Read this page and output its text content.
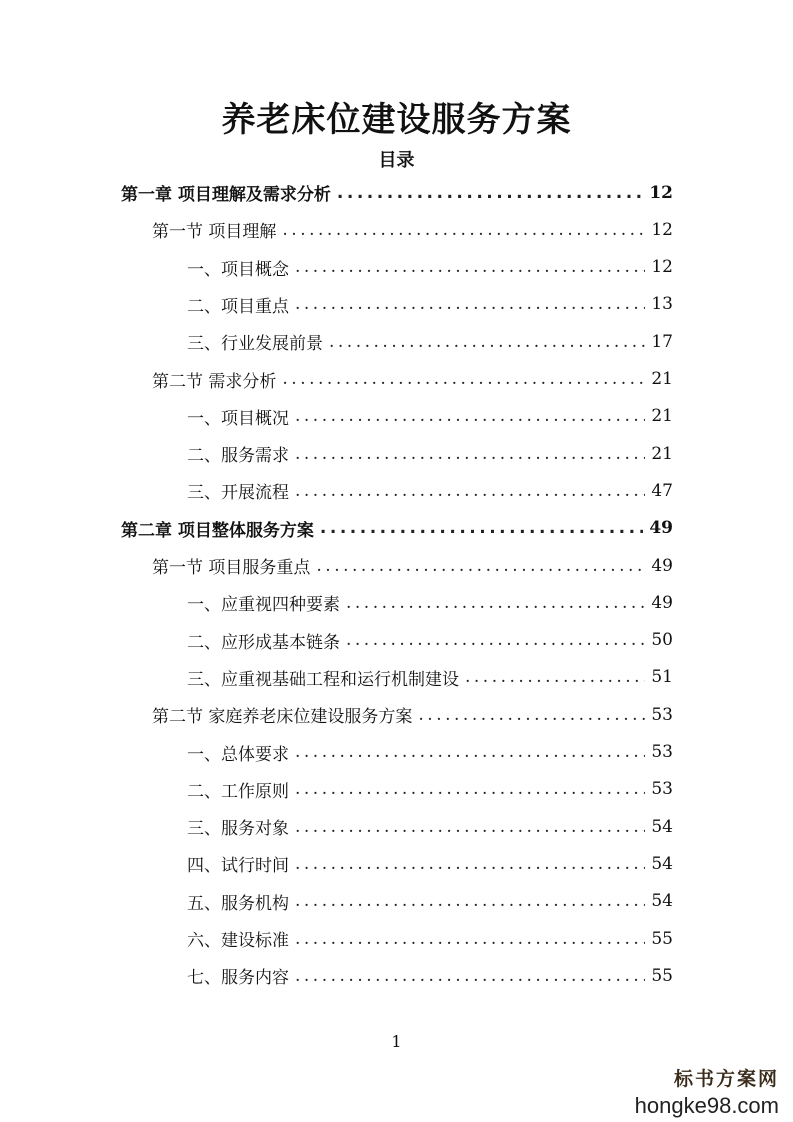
养老床位建设服务方案
目录
第一章 项目理解及需求分析 .....	12
第一节 项目理解 .....	12
一、项目概念 .....	12
二、项目重点 .....	13
三、行业发展前景 .....	17
第二节 需求分析 .....	21
一、项目概况 .....	21
二、服务需求 .....	21
三、开展流程 .....	47
第二章 项目整体服务方案 .....	49
第一节 项目服务重点 .....	49
一、应重视四种要素 .....	49
二、应形成基本链条 .....	50
三、应重视基础工程和运行机制建设 .....	51
第二节 家庭养老床位建设服务方案 .....	53
一、总体要求 .....	53
二、工作原则 .....	53
三、服务对象 .....	54
四、试行时间 .....	54
五、服务机构 .....	54
六、建设标准 .....	55
七、服务内容 .....	55
1
标书方案网
hongke98.com
